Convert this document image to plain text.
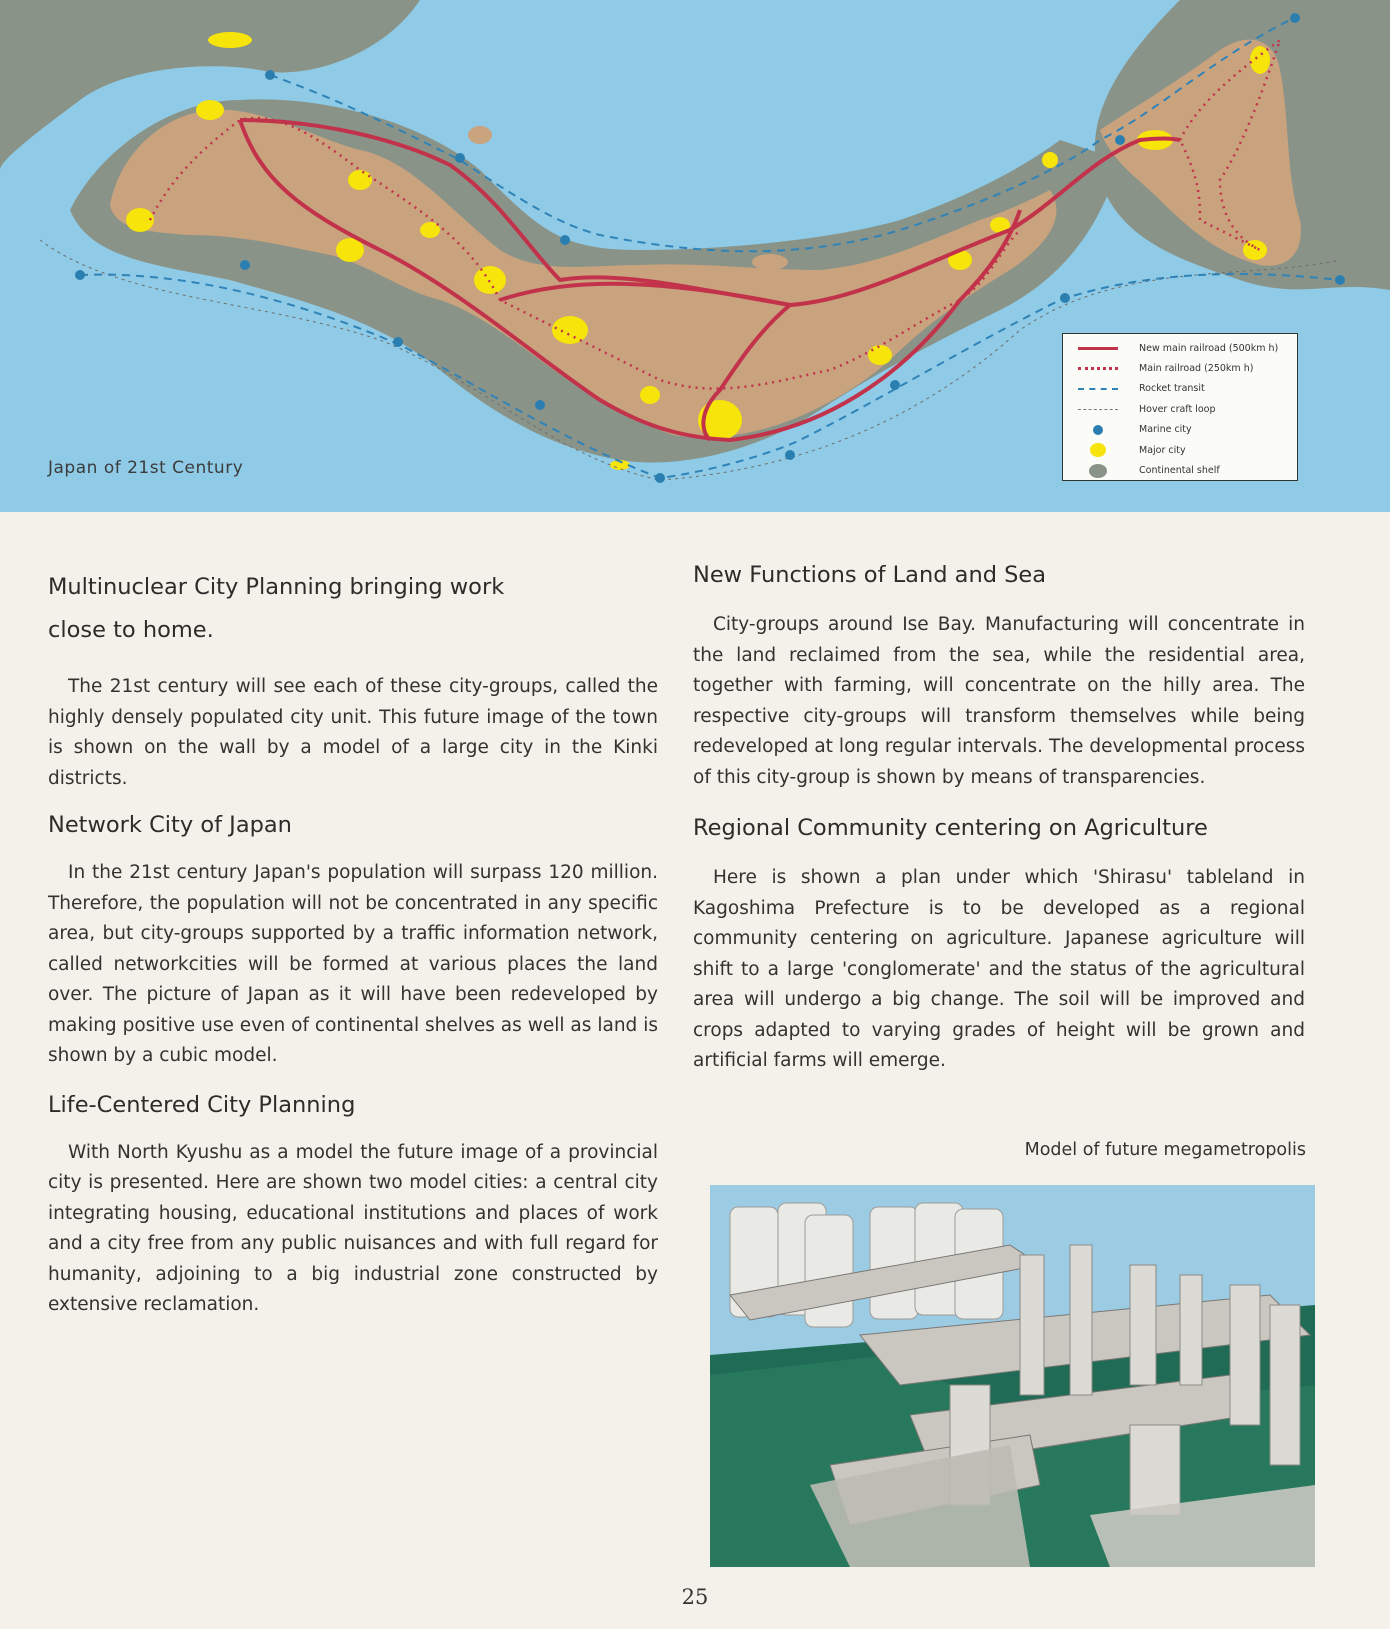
Japan of 21st Century
New main railroad (500km h)
Main railroad (250km h)
Rocket transit
Hover craft loop
Marine city
Major city
Continental shelf
Multinuclear City Planning bringing work
close to home.

The 21st century will see each of these city-groups, called the highly densely populated city unit. This future image of the town is shown on the wall by a model of a large city in the Kinki districts.

Network City of Japan

In the 21st century Japan's population will surpass 120 million. Therefore, the population will not be concentrated in any specific area, but city-groups supported by a traffic information network, called networkcities will be formed at various places the land over. The picture of Japan as it will have been redeveloped by making positive use even of continental shelves as well as land is shown by a cubic model.

Life-Centered City Planning

With North Kyushu as a model the future image of a provincial city is presented. Here are shown two model cities: a central city integrating housing, educational institutions and places of work and a city free from any public nuisances and with full regard for humanity, adjoining to a big industrial zone constructed by extensive reclamation.

New Functions of Land and Sea

City-groups around Ise Bay. Manufacturing will concentrate in the land reclaimed from the sea, while the residential area, together with farming, will concentrate on the hilly area. The respective city-groups will transform themselves while being redeveloped at long regular intervals. The developmental process of this city-group is shown by means of transparencies.

Regional Community centering on Agriculture

Here is shown a plan under which 'Shirasu' tableland in Kagoshima Prefecture is to be developed as a regional community centering on agriculture. Japanese agriculture will shift to a large 'conglomerate' and the status of the agricultural area will undergo a big change. The soil will be improved and crops adapted to varying grades of height will be grown and artificial farms will emerge.

Model of future megametropolis
25
